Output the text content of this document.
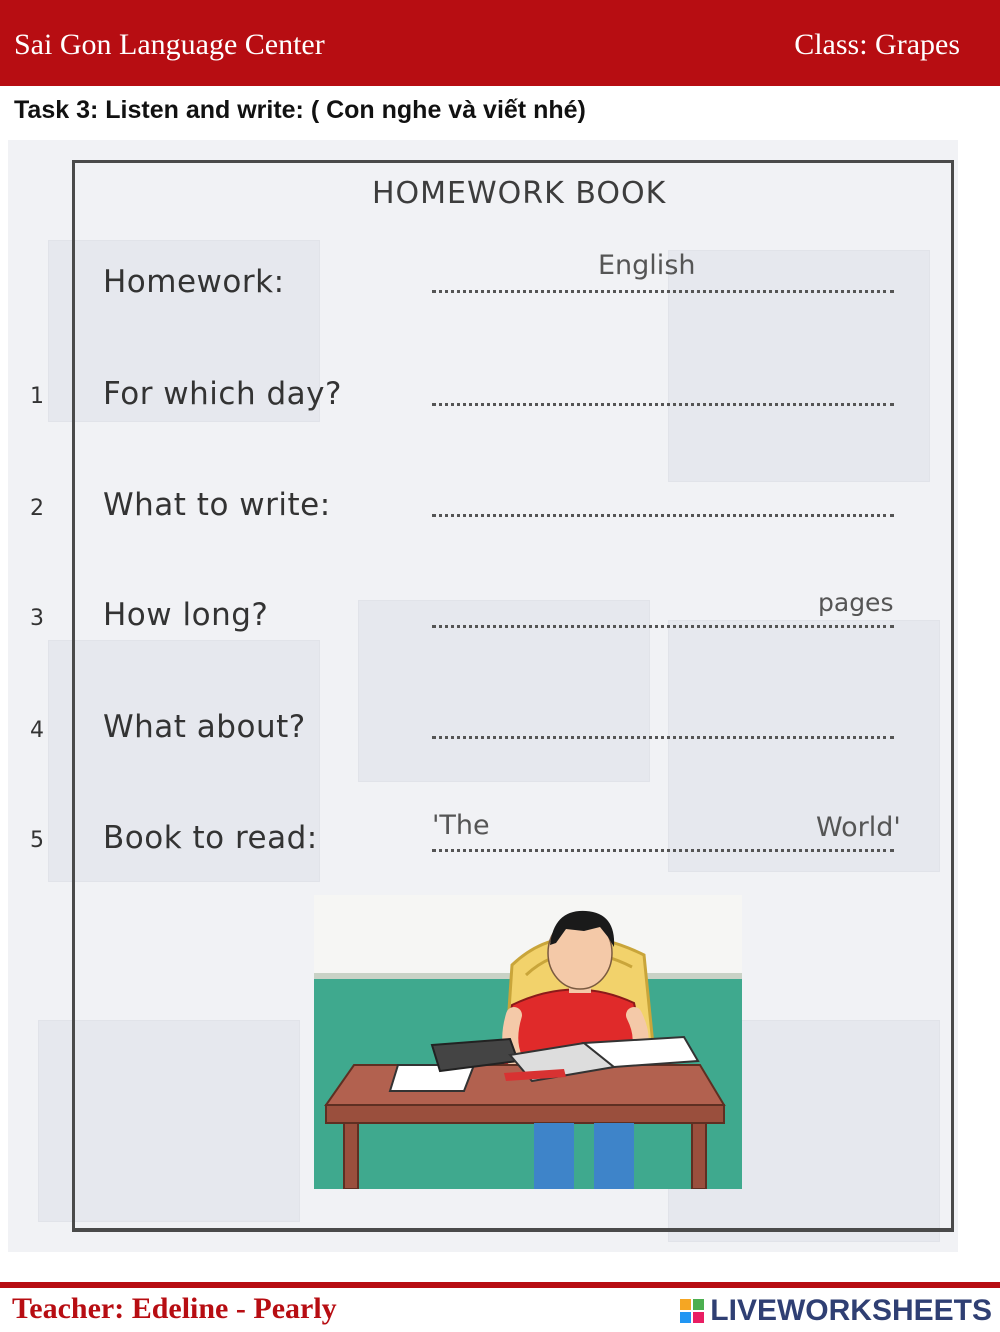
Sai Gon Language Center	Class: Grapes
Task 3: Listen and write: ( Con nghe và viết nhé)
HOMEWORK BOOK
Homework:	English
1 For which day?
2 What to write:
3 How long?	pages
4 What about?
5 Book to read:	'The	World'
Teacher: Edeline - Pearly	LIVEWORKSHEETS
